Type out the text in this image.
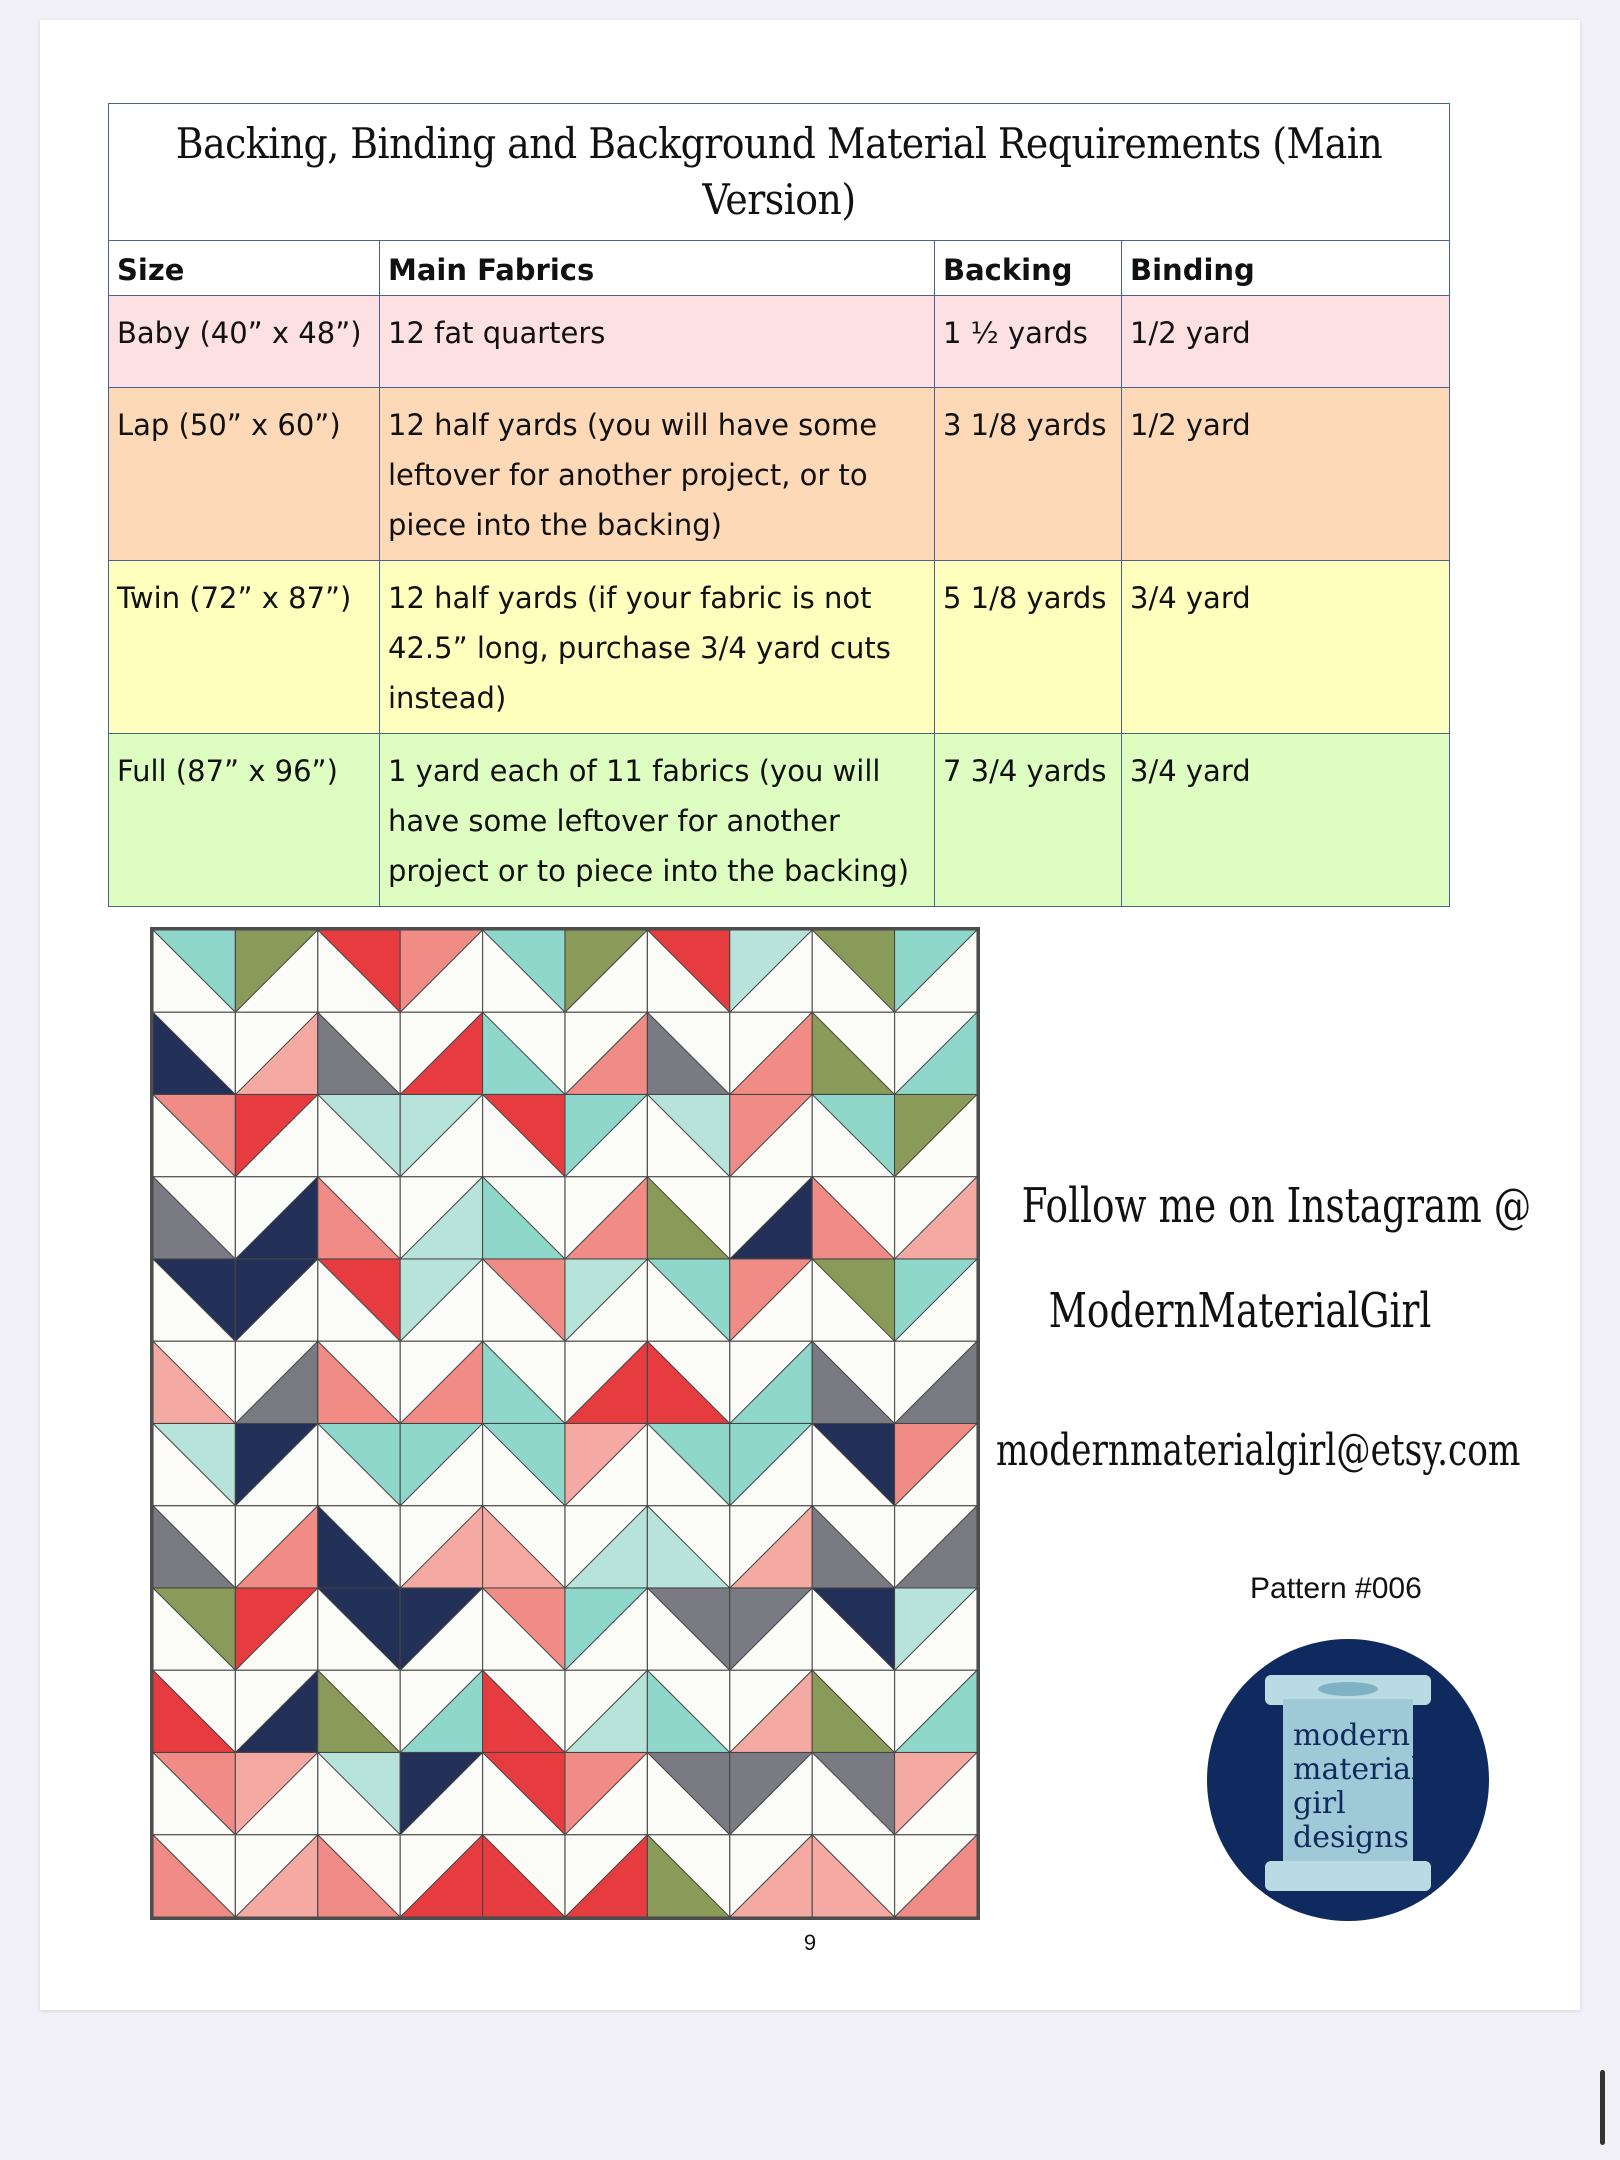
Backing, Binding and Background Material Requirements (Main Version)			
Size	Main Fabrics	Backing	Binding
Baby (40” x 48”)	12 fat quarters	1 ½ yards	1/2 yard
Lap (50” x 60”)	12 half yards (you will have some leftover for another project, or to piece into the backing)	3 1/8 yards	1/2 yard
Twin (72” x 87”)	12 half yards (if your fabric is not 42.5” long, purchase 3/4 yard cuts instead)	5 1/8 yards	3/4 yard
Full (87” x 96”)	1 yard each of 11 fabrics (you will have some leftover for another project or to piece into the backing)	7 3/4 yards	3/4 yard
Follow me on Instagram @
ModernMaterialGirl
modernmaterialgirl@etsy.com
Pattern #006
modern
material
girl
designs
9
